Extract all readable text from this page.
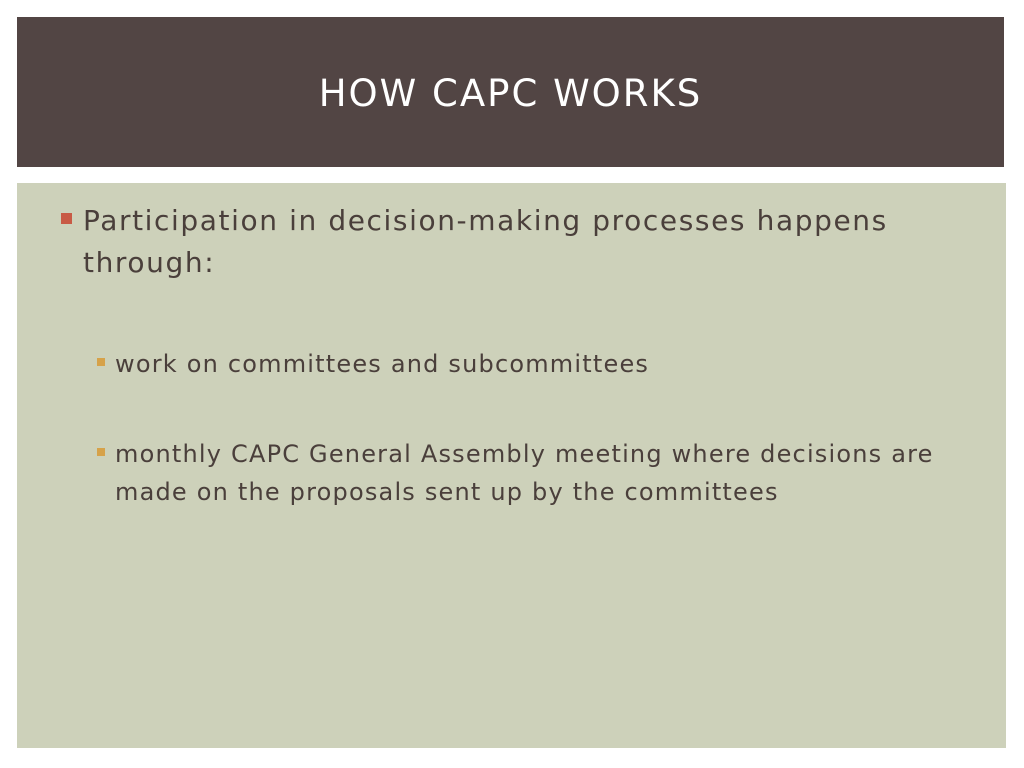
HOW CAPC WORKS
Participation in decision-making processes happens through:
work on committees and subcommittees
monthly CAPC General Assembly meeting where decisions are made on the proposals sent up by the committees
